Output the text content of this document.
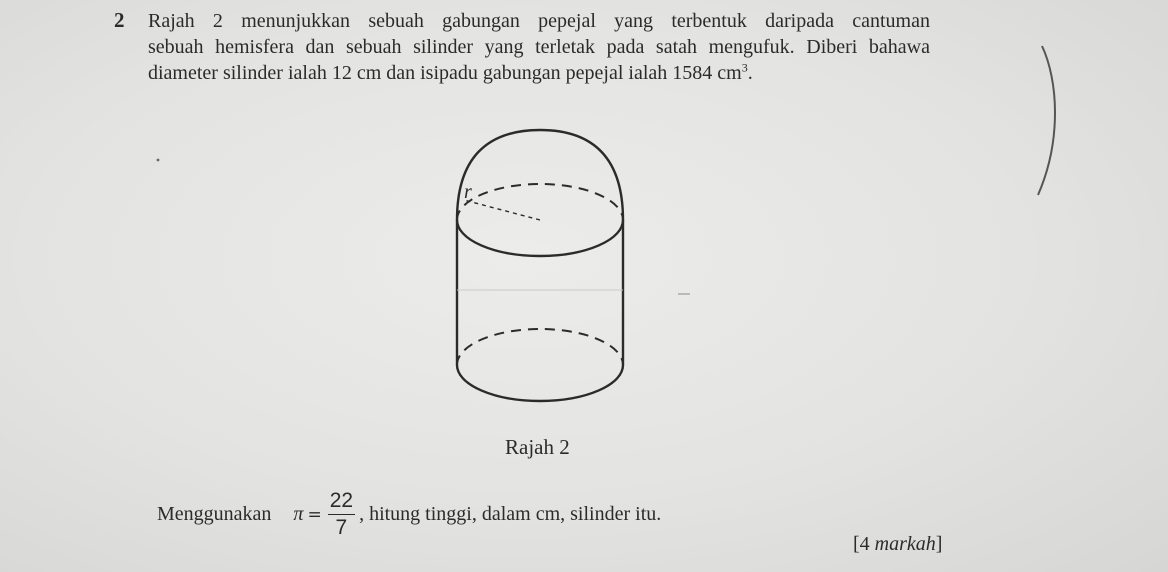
2 Rajah 2 menunjukkan sebuah gabungan pepejal yang terbentuk daripada cantuman
sebuah hemisfera dan sebuah silinder yang terletak pada satah mengufuk. Diberi bahawa
diameter silinder ialah 12 cm dan isipadu gabungan pepejal ialah 1584 $cm^3$.

r
Rajah 2
Menggunakan $\pi = \frac{22}{7}$ , hitung tinggi, dalam cm, silinder itu.
[4 markah]
